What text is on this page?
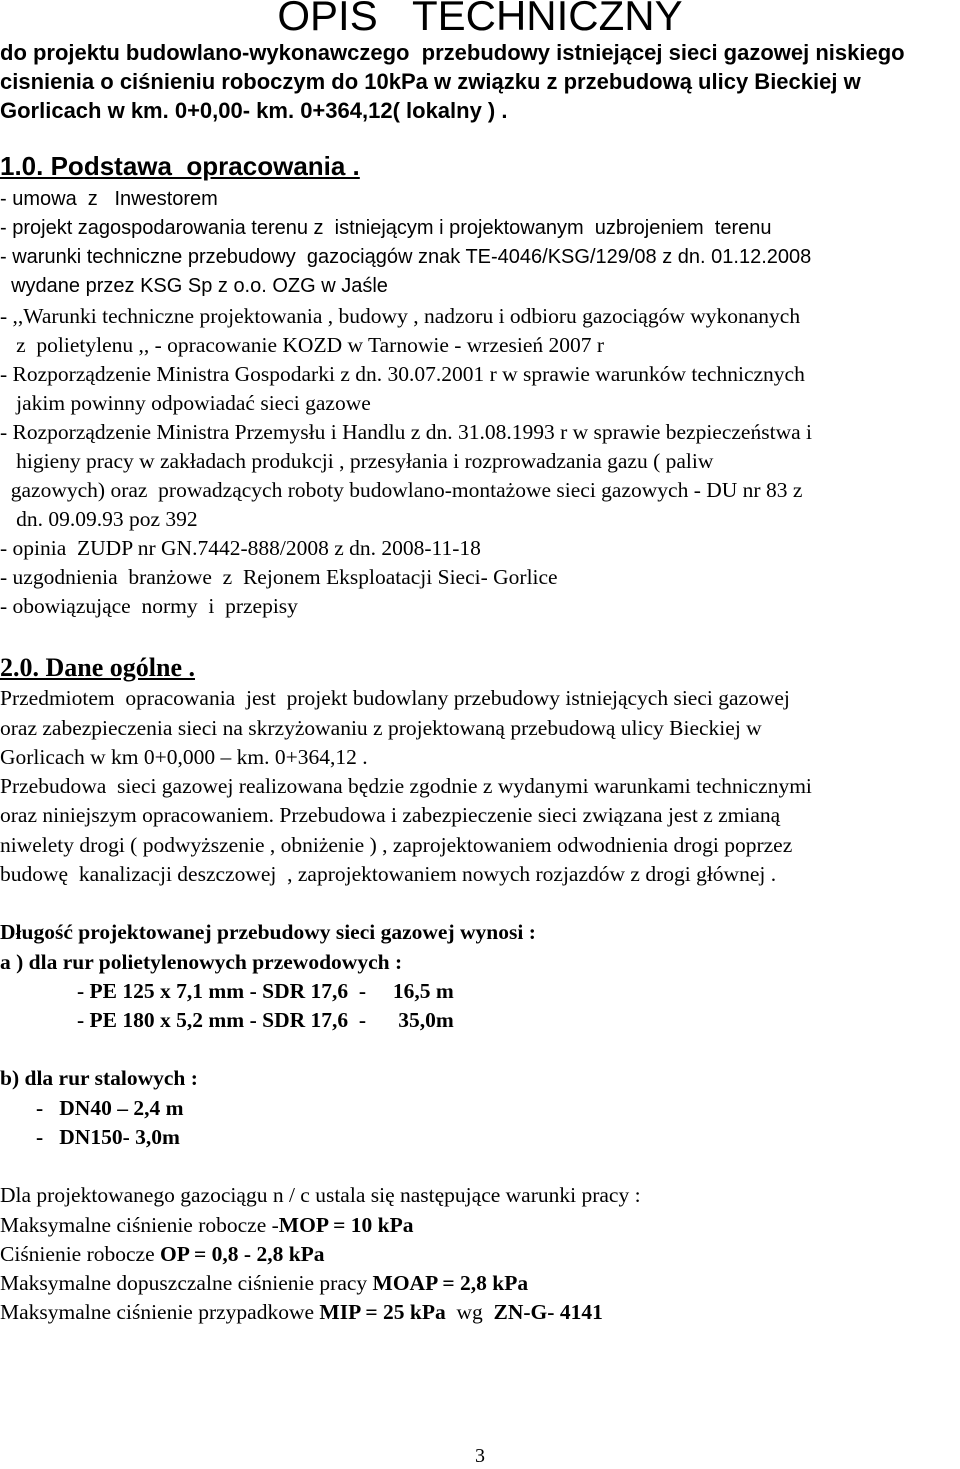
OPIS   TECHNICZNY
do projektu budowlano-wykonawczego  przebudowy istniejącej sieci gazowej niskiego
cisnienia o ciśnieniu roboczym do 10kPa w związku z przebudową ulicy Bieckiej w
Gorlicach w km. 0+0,00- km. 0+364,12( lokalny ) .
1.0. Podstawa  opracowania .
- umowa  z   Inwestorem
- projekt zagospodarowania terenu z  istniejącym i projektowanym  uzbrojeniem  terenu
- warunki techniczne przebudowy  gazociągów znak TE-4046/KSG/129/08 z dn. 01.12.2008
wydane przez KSG Sp z o.o. OZG w Jaśle
- ,,Warunki techniczne projektowania , budowy , nadzoru i odbioru gazociągów wykonanych
z  polietylenu ,, - opracowanie KOZD w Tarnowie - wrzesień 2007 r
- Rozporządzenie Ministra Gospodarki z dn. 30.07.2001 r w sprawie warunków technicznych
jakim powinny odpowiadać sieci gazowe
- Rozporządzenie Ministra Przemysłu i Handlu z dn. 31.08.1993 r w sprawie bezpieczeństwa i
higieny pracy w zakładach produkcji , przesyłania i rozprowadzania gazu ( paliw
gazowych) oraz  prowadzących roboty budowlano-montażowe sieci gazowych - DU nr 83 z
dn. 09.09.93 poz 392
- opinia  ZUDP nr GN.7442-888/2008 z dn. 2008-11-18
- uzgodnienia  branżowe  z  Rejonem Eksploatacji Sieci- Gorlice
- obowiązujące  normy  i  przepisy
2.0. Dane ogólne .
Przedmiotem  opracowania  jest  projekt budowlany przebudowy istniejących sieci gazowej
oraz zabezpieczenia sieci na skrzyżowaniu z projektowaną przebudową ulicy Bieckiej w
Gorlicach w km 0+0,000 – km. 0+364,12 .
Przebudowa  sieci gazowej realizowana będzie zgodnie z wydanymi warunkami technicznymi
oraz niniejszym opracowaniem. Przebudowa i zabezpieczenie sieci związana jest z zmianą
niwelety drogi ( podwyższenie , obniżenie ) , zaprojektowaniem odwodnienia drogi poprzez
budowę  kanalizacji deszczowej  , zaprojektowaniem nowych rozjazdów z drogi głównej .
Długość projektowanej przebudowy sieci gazowej wynosi :
a ) dla rur polietylenowych przewodowych :
- PE 125 x 7,1 mm - SDR 17,6  -     16,5 m
- PE 180 x 5,2 mm - SDR 17,6  -      35,0m
b) dla rur stalowych :
-   DN40 – 2,4 m
-   DN150- 3,0m
Dla projektowanego gazociągu n / c ustala się następujące warunki pracy :
Maksymalne ciśnienie robocze -MOP = 10 kPa
Ciśnienie robocze OP = 0,8 - 2,8 kPa
Maksymalne dopuszczalne ciśnienie pracy MOAP = 2,8 kPa
Maksymalne ciśnienie przypadkowe MIP = 25 kPa  wg  ZN-G- 4141
3
